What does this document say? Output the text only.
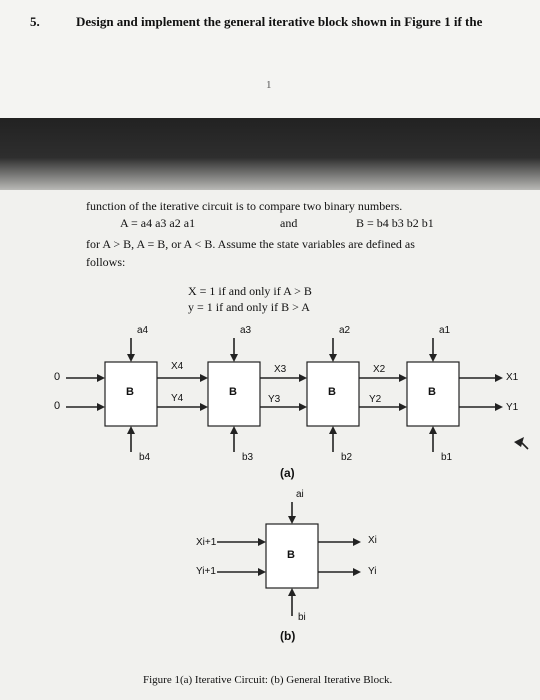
5.	Design and implement the general iterative block shown in Figure 1 if the
1
function of the iterative circuit is to compare two binary numbers.
A = a4 a3 a2 a1	and	B = b4 b3 b2 b1
for A > B, A = B, or A < B. Assume the state variables are defined as
follows:
X = 1 if and only if A > B
y = 1 if and only if B > A
0
0
B	B	B	B
a4	a3	a2	a1
b4	b3	b2	b1
X4	X3	X2
X1
Y4	Y3	Y2
Y1
(a)
B
ai
bi
Xi+1
Yi+1
Xi
Yi
(b)
Figure 1(a) Iterative Circuit: (b) General Iterative Block.
